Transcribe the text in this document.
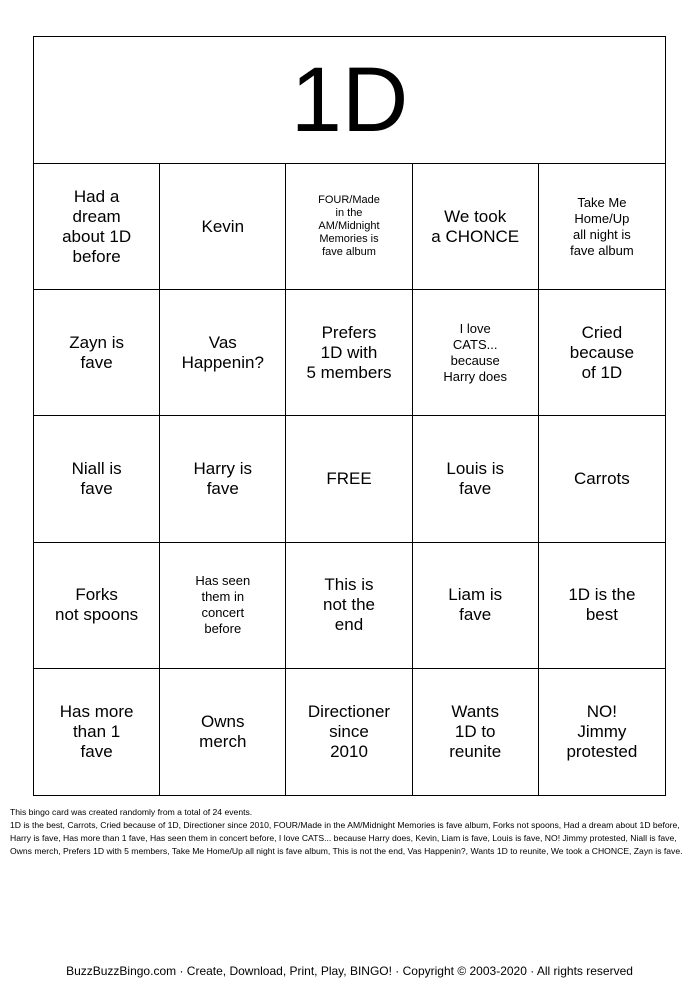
1D
Had a
dream
about 1D
before
Kevin
FOUR/Made
in the
AM/Midnight
Memories is
fave album
We took
a CHONCE
Take Me
Home/Up
all night is
fave album
Zayn is
fave
Vas
Happenin?
Prefers
1D with
5 members
I love
CATS...
because
Harry does
Cried
because
of 1D
Niall is
fave
Harry is
fave
FREE
Louis is
fave
Carrots
Forks
not spoons
Has seen
them in
concert
before
This is
not the
end
Liam is
fave
1D is the
best
Has more
than 1
fave
Owns
merch
Directioner
since
2010
Wants
1D to
reunite
NO!
Jimmy
protested
This bingo card was created randomly from a total of 24 events.
1D is the best, Carrots, Cried because of 1D, Directioner since 2010, FOUR/Made in the AM/Midnight Memories is fave album, Forks not spoons, Had a dream about 1D before, Harry is fave, Has more than 1 fave, Has seen them in concert before, I love CATS... because Harry does, Kevin, Liam is fave, Louis is fave, NO! Jimmy protested, Niall is fave, Owns merch, Prefers 1D with 5 members, Take Me Home/Up all night is fave album, This is not the end, Vas Happenin?, Wants 1D to reunite, We took a CHONCE, Zayn is fave.
BuzzBuzzBingo.com · Create, Download, Print, Play, BINGO! · Copyright © 2003-2020 · All rights reserved
